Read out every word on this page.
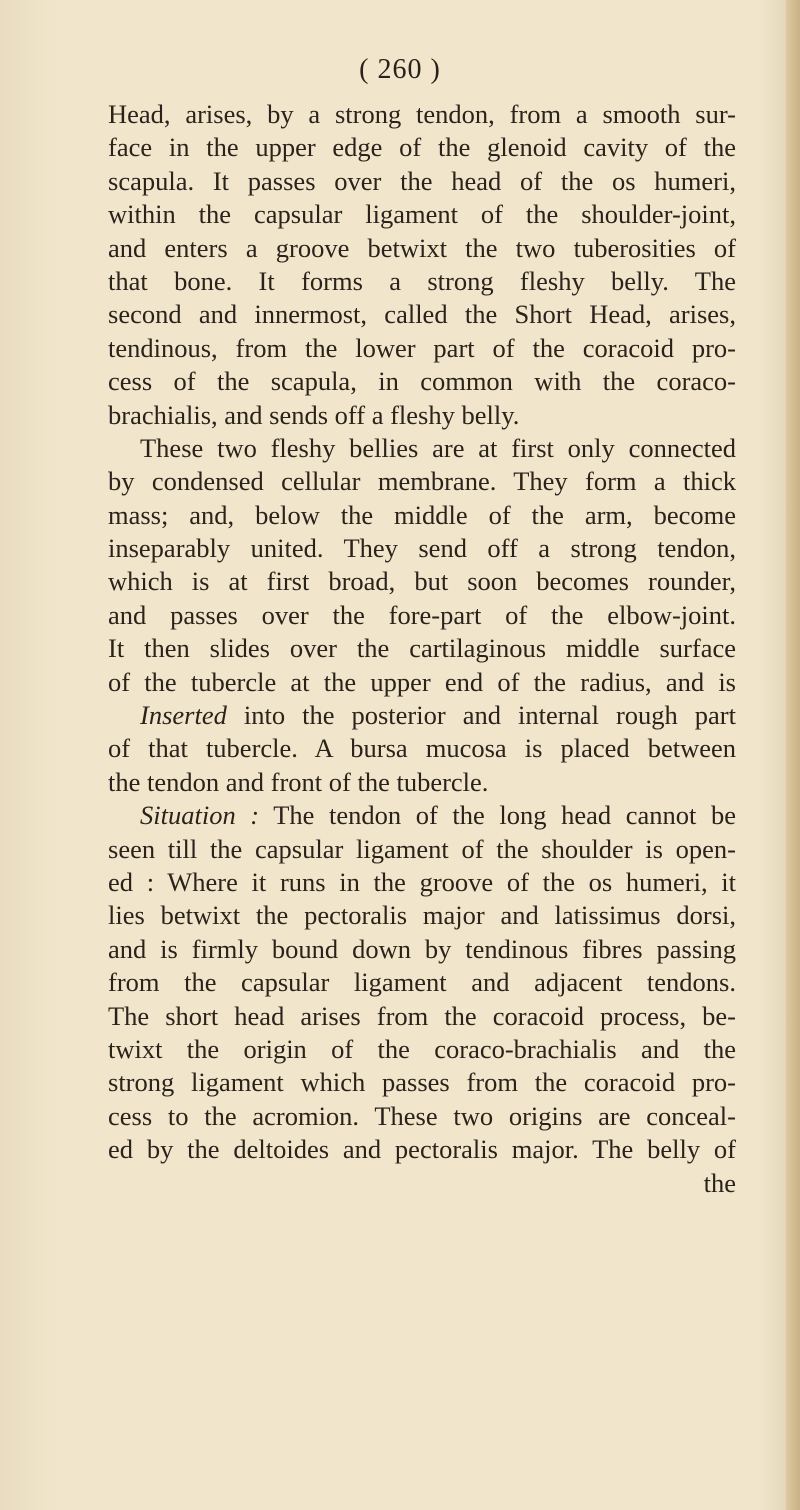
( 260 )
Head, arises, by a strong tendon, from a smooth sur-
face in the upper edge of the glenoid cavity of the
scapula. It passes over the head of the os humeri,
within the capsular ligament of the shoulder-joint,
and enters a groove betwixt the two tuberosities of
that bone. It forms a strong fleshy belly. The
second and innermost, called the Short Head, arises,
tendinous, from the lower part of the coracoid pro-
cess of the scapula, in common with the coraco-
brachialis, and sends off a fleshy belly.
These two fleshy bellies are at first only connected
by condensed cellular membrane. They form a thick
mass; and, below the middle of the arm, become
inseparably united. They send off a strong tendon,
which is at first broad, but soon becomes rounder,
and passes over the fore-part of the elbow-joint.
It then slides over the cartilaginous middle surface
of the tubercle at the upper end of the radius, and is
Inserted into the posterior and internal rough part
of that tubercle. A bursa mucosa is placed between
the tendon and front of the tubercle.
Situation : The tendon of the long head cannot be
seen till the capsular ligament of the shoulder is open-
ed : Where it runs in the groove of the os humeri, it
lies betwixt the pectoralis major and latissimus dorsi,
and is firmly bound down by tendinous fibres passing
from the capsular ligament and adjacent tendons.
The short head arises from the coracoid process, be-
twixt the origin of the coraco-brachialis and the
strong ligament which passes from the coracoid pro-
cess to the acromion. These two origins are conceal-
ed by the deltoides and pectoralis major. The belly of
the
